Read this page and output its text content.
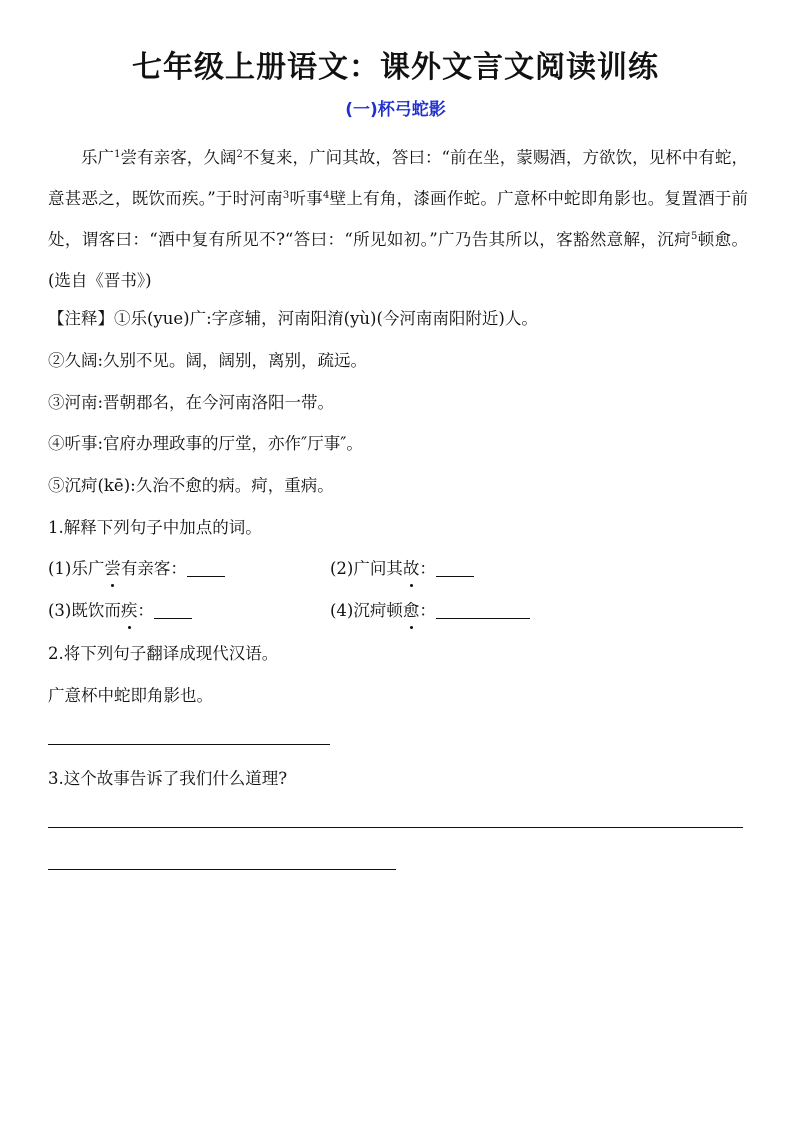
七年级上册语文：课外文言文阅读训练
(一)杯弓蛇影

乐广$^1$尝有亲客，久阔$^2$不复来，广问其故，答曰：“前在坐，蒙赐酒，方欲饮，见杯中有蛇，意甚恶之，既饮而疾。”于时河南$^3$听事$^4$壁上有角，漆画作蛇。广意杯中蛇即角影也。复置酒于前处，谓客曰：“酒中复有所见不?“答曰：“所见如初。”广乃告其所以，客豁然意解，沉疴$^5$顿愈。(选自《晋书》)

【注释】①乐(yue)广:字彦辅，河南阳淯(yù)(今河南南阳附近)人。
②久阔:久别不见。阔，阔别，离别，疏远。
③河南:晋朝郡名，在今河南洛阳一带。
④听事:官府办理政事的厅堂，亦作″厅事″。
⑤沉疴(kē):久治不愈的病。疴，重病。
1.解释下列句子中加点的词。
(1)乐广尝有亲客：	(2)广问其故：
(3)既饮而疾：	(4)沉疴顿愈：
2.将下列句子翻译成现代汉语。
广意杯中蛇即角影也。
3.这个故事告诉了我们什么道理?
